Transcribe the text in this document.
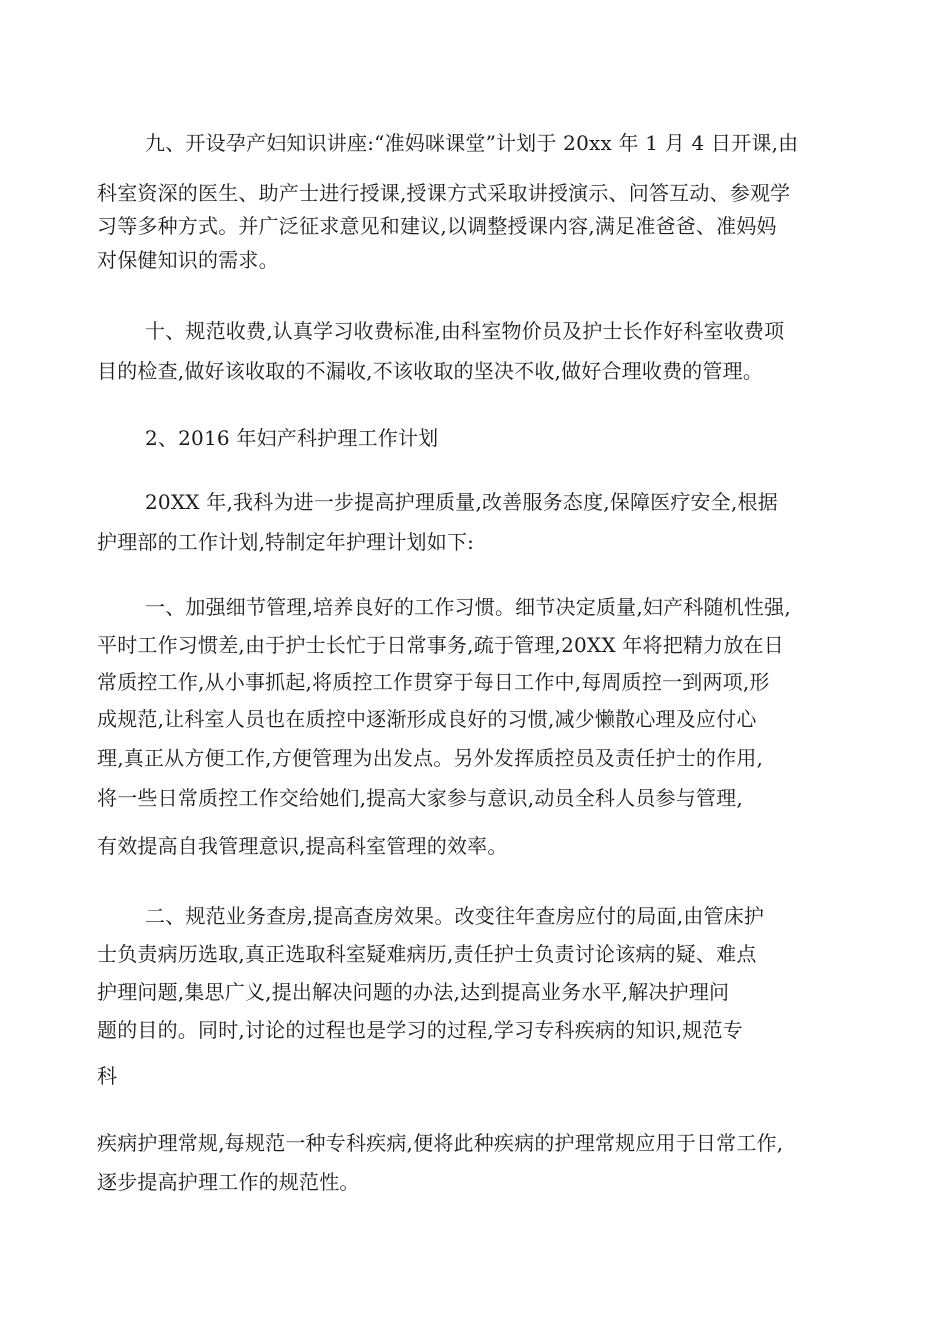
九、开设孕产妇知识讲座:“准妈咪课堂”计划于 20xx 年 1 月 4 日开课,由
科室资深的医生、助产士进行授课,授课方式采取讲授演示、问答互动、参观学
习等多种方式。并广泛征求意见和建议,以调整授课内容,满足准爸爸、准妈妈
对保健知识的需求。
十、规范收费,认真学习收费标准,由科室物价员及护士长作好科室收费项
目的检查,做好该收取的不漏收,不该收取的坚决不收,做好合理收费的管理。
2、2016 年妇产科护理工作计划
20XX 年,我科为进一步提高护理质量,改善服务态度,保障医疗安全,根据
护理部的工作计划,特制定年护理计划如下:
一、加强细节管理,培养良好的工作习惯。细节决定质量,妇产科随机性强,
平时工作习惯差,由于护士长忙于日常事务,疏于管理,20XX 年将把精力放在日
常质控工作,从小事抓起,将质控工作贯穿于每日工作中,每周质控一到两项,形
成规范,让科室人员也在质控中逐渐形成良好的习惯,减少懒散心理及应付心
理,真正从方便工作,方便管理为出发点。另外发挥质控员及责任护士的作用,
将一些日常质控工作交给她们,提高大家参与意识,动员全科人员参与管理,
有效提高自我管理意识,提高科室管理的效率。
二、规范业务查房,提高查房效果。改变往年查房应付的局面,由管床护
士负责病历选取,真正选取科室疑难病历,责任护士负责讨论该病的疑、难点
护理问题,集思广义,提出解决问题的办法,达到提高业务水平,解决护理问
题的目的。同时,讨论的过程也是学习的过程,学习专科疾病的知识,规范专
科
疾病护理常规,每规范一种专科疾病,便将此种疾病的护理常规应用于日常工作,
逐步提高护理工作的规范性。
